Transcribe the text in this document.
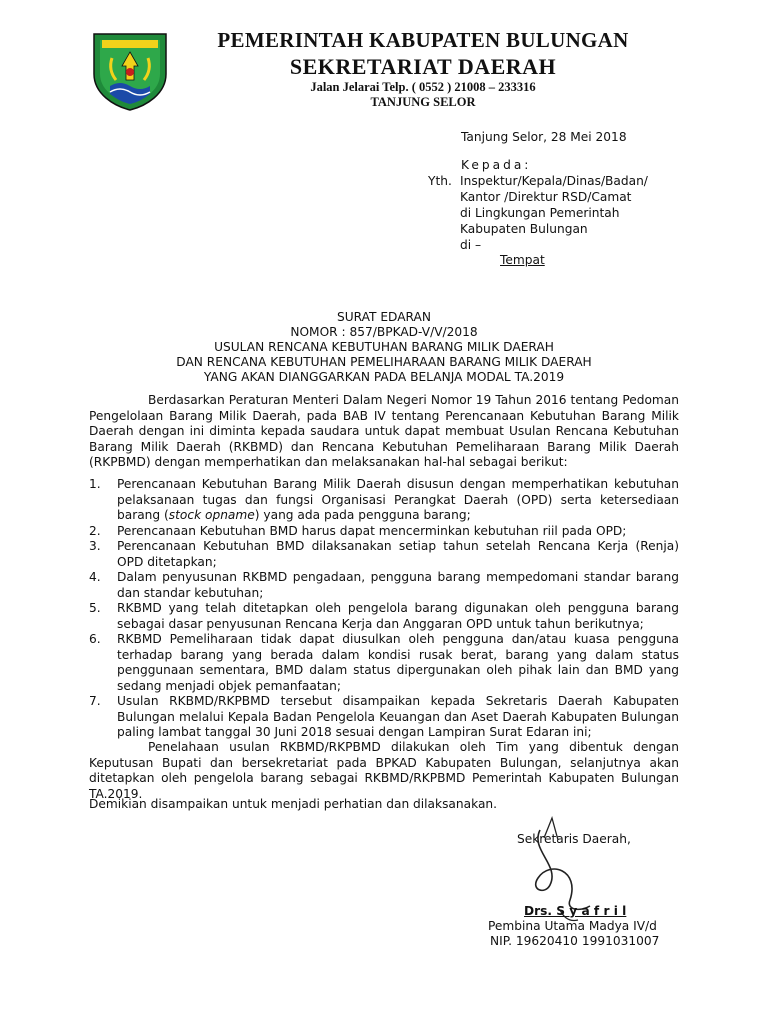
PEMERINTAH KABUPATEN BULUNGAN
SEKRETARIAT DAERAH
Jalan Jelarai Telp. ( 0552 ) 21008 – 233316
TANJUNG SELOR
Tanjung Selor, 28 Mei 2018
Kepada:
Yth. Inspektur/Kepala/Dinas/Badan/
Kantor /Direktur RSD/Camat
di Lingkungan Pemerintah
Kabupaten Bulungan
di –
Tempat
SURAT EDARAN
NOMOR : 857/BPKAD-V/V/2018
USULAN RENCANA KEBUTUHAN BARANG MILIK DAERAH
DAN RENCANA KEBUTUHAN PEMELIHARAAN BARANG MILIK DAERAH
YANG AKAN DIANGGARKAN PADA BELANJA MODAL TA.2019
Berdasarkan Peraturan Menteri Dalam Negeri Nomor 19 Tahun 2016 tentang Pedoman Pengelolaan Barang Milik Daerah, pada BAB IV tentang Perencanaan Kebutuhan Barang Milik Daerah dengan ini diminta kepada saudara untuk dapat membuat Usulan Rencana Kebutuhan Barang Milik Daerah (RKBMD) dan Rencana Kebutuhan Pemeliharaan Barang Milik Daerah (RKPBMD) dengan memperhatikan dan melaksanakan hal-hal sebagai berikut:
1. Perencanaan Kebutuhan Barang Milik Daerah disusun dengan memperhatikan kebutuhan pelaksanaan tugas dan fungsi Organisasi Perangkat Daerah (OPD) serta ketersediaan barang (stock opname) yang ada pada pengguna barang;
2. Perencanaan Kebutuhan BMD harus dapat mencerminkan kebutuhan riil pada OPD;
3. Perencanaan Kebutuhan BMD dilaksanakan setiap tahun setelah Rencana Kerja (Renja) OPD ditetapkan;
4. Dalam penyusunan RKBMD pengadaan, pengguna barang mempedomani standar barang dan standar kebutuhan;
5. RKBMD yang telah ditetapkan oleh pengelola barang digunakan oleh pengguna barang sebagai dasar penyusunan Rencana Kerja dan Anggaran OPD untuk tahun berikutnya;
6. RKBMD Pemeliharaan tidak dapat diusulkan oleh pengguna dan/atau kuasa pengguna terhadap barang yang berada dalam kondisi rusak berat, barang yang dalam status penggunaan sementara, BMD dalam status dipergunakan oleh pihak lain dan BMD yang sedang menjadi objek pemanfaatan;
7. Usulan RKBMD/RKPBMD tersebut disampaikan kepada Sekretaris Daerah Kabupaten Bulungan melalui Kepala Badan Pengelola Keuangan dan Aset Daerah Kabupaten Bulungan paling lambat tanggal 30 Juni 2018 sesuai dengan Lampiran Surat Edaran ini;
Penelahaan usulan RKBMD/RKPBMD dilakukan oleh Tim yang dibentuk dengan Keputusan Bupati dan bersekretariat pada BPKAD Kabupaten Bulungan, selanjutnya akan ditetapkan oleh pengelola barang sebagai RKBMD/RKPBMD Pemerintah Kabupaten Bulungan TA.2019.
Demikian disampaikan untuk menjadi perhatian dan dilaksanakan.
Sekretaris Daerah,
Drs. S y a f r i l
Pembina Utama Madya IV/d
NIP. 19620410 1991031007
